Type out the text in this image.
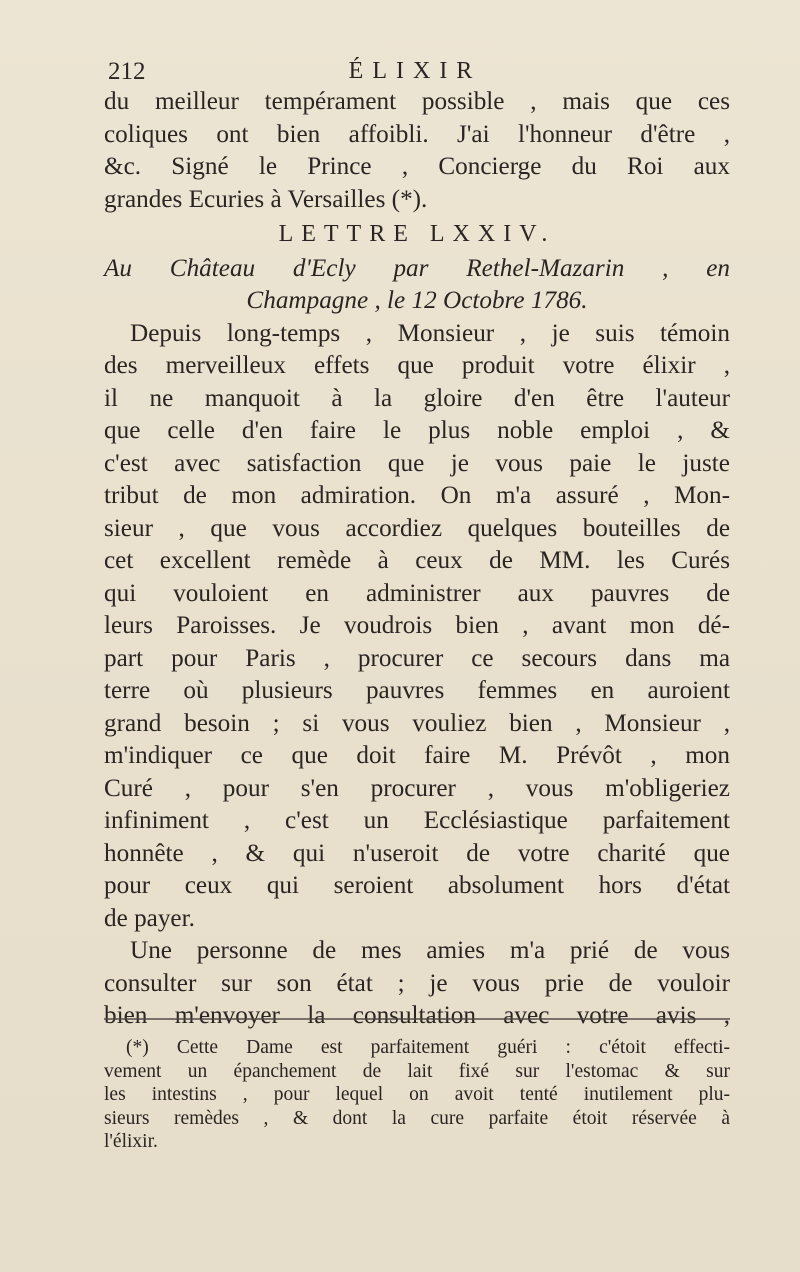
212	ÉLIXIR
du meilleur tempérament possible , mais que ces
coliques ont bien affoibli. J'ai l'honneur d'être ,
&c. Signé le Prince , Concierge du Roi aux
grandes Ecuries à Versailles (*).
LETTRE LXXIV.
Au Château d'Ecly par Rethel-Mazarin , en
Champagne , le 12 Octobre 1786.
Depuis long-temps , Monsieur , je suis témoin
des merveilleux effets que produit votre élixir ,
il ne manquoit à la gloire d'en être l'auteur
que celle d'en faire le plus noble emploi , &
c'est avec satisfaction que je vous paie le juste
tribut de mon admiration. On m'a assuré , Mon-
sieur , que vous accordiez quelques bouteilles de
cet excellent remède à ceux de MM. les Curés
qui vouloient en administrer aux pauvres de
leurs Paroisses. Je voudrois bien , avant mon dé-
part pour Paris , procurer ce secours dans ma
terre où plusieurs pauvres femmes en auroient
grand besoin ; si vous vouliez bien , Monsieur ,
m'indiquer ce que doit faire M. Prévôt , mon
Curé , pour s'en procurer , vous m'obligeriez
infiniment , c'est un Ecclésiastique parfaitement
honnête , & qui n'useroit de votre charité que
pour ceux qui seroient absolument hors d'état
de payer.
Une personne de mes amies m'a prié de vous
consulter sur son état ; je vous prie de vouloir
bien m'envoyer la consultation avec votre avis ,
(*) Cette Dame est parfaitement guéri : c'étoit effecti-
vement un épanchement de lait fixé sur l'estomac & sur
les intestins , pour lequel on avoit tenté inutilement plu-
sieurs remèdes , & dont la cure parfaite étoit réservée à
l'élixir.
